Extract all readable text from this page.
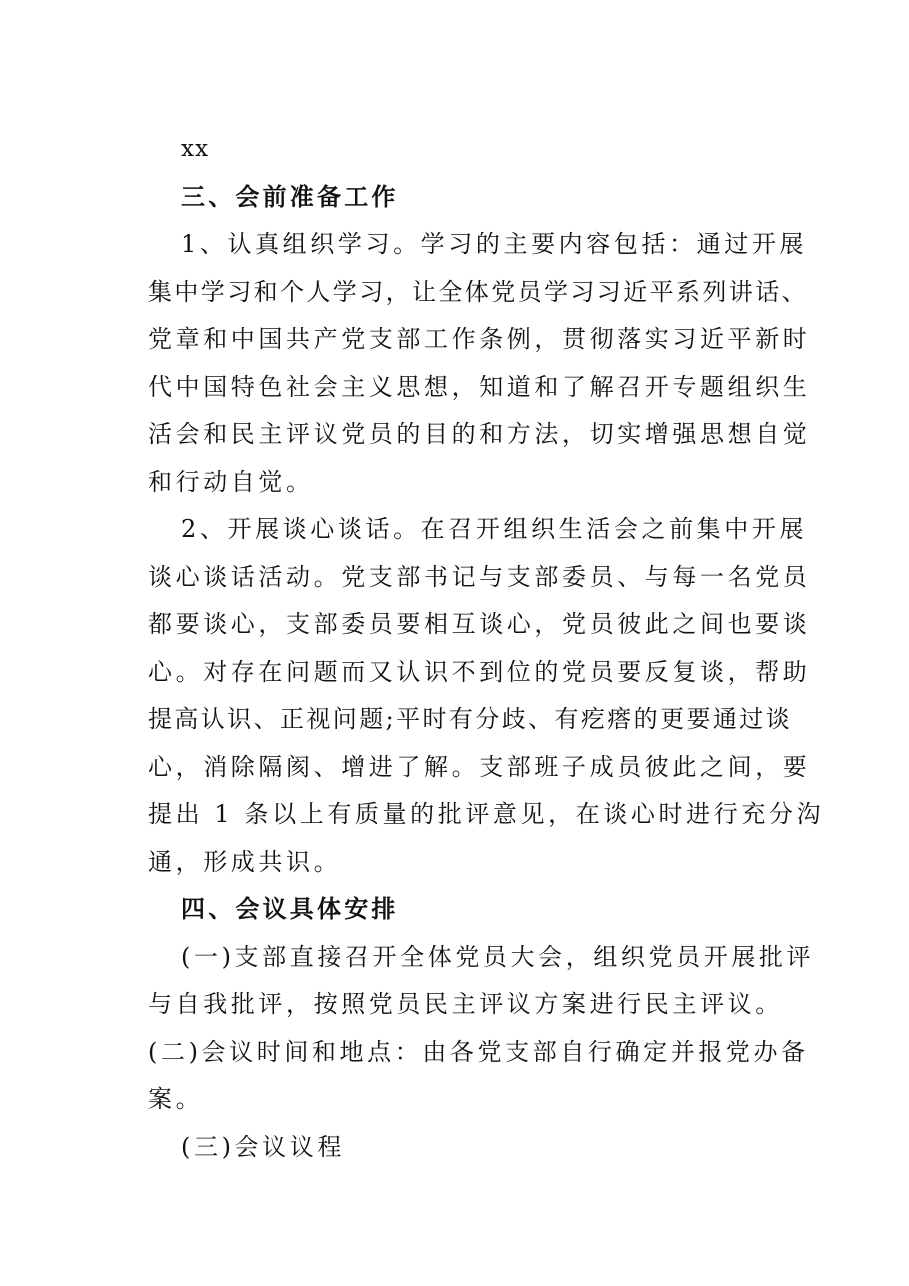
xx
三、会前准备工作
1、认真组织学习。学习的主要内容包括：通过开展
集中学习和个人学习，让全体党员学习习近平系列讲话、
党章和中国共产党支部工作条例，贯彻落实习近平新时
代中国特色社会主义思想，知道和了解召开专题组织生
活会和民主评议党员的目的和方法，切实增强思想自觉
和行动自觉。
2、开展谈心谈话。在召开组织生活会之前集中开展
谈心谈话活动。党支部书记与支部委员、与每一名党员
都要谈心，支部委员要相互谈心，党员彼此之间也要谈
心。对存在问题而又认识不到位的党员要反复谈，帮助
提高认识、正视问题;平时有分歧、有疙瘩的更要通过谈
心，消除隔阂、增进了解。支部班子成员彼此之间，要
提出 1 条以上有质量的批评意见，在谈心时进行充分沟
通，形成共识。
四、会议具体安排
(一)支部直接召开全体党员大会，组织党员开展批评
与自我批评，按照党员民主评议方案进行民主评议。
(二)会议时间和地点：由各党支部自行确定并报党办备
案。
(三)会议议程
